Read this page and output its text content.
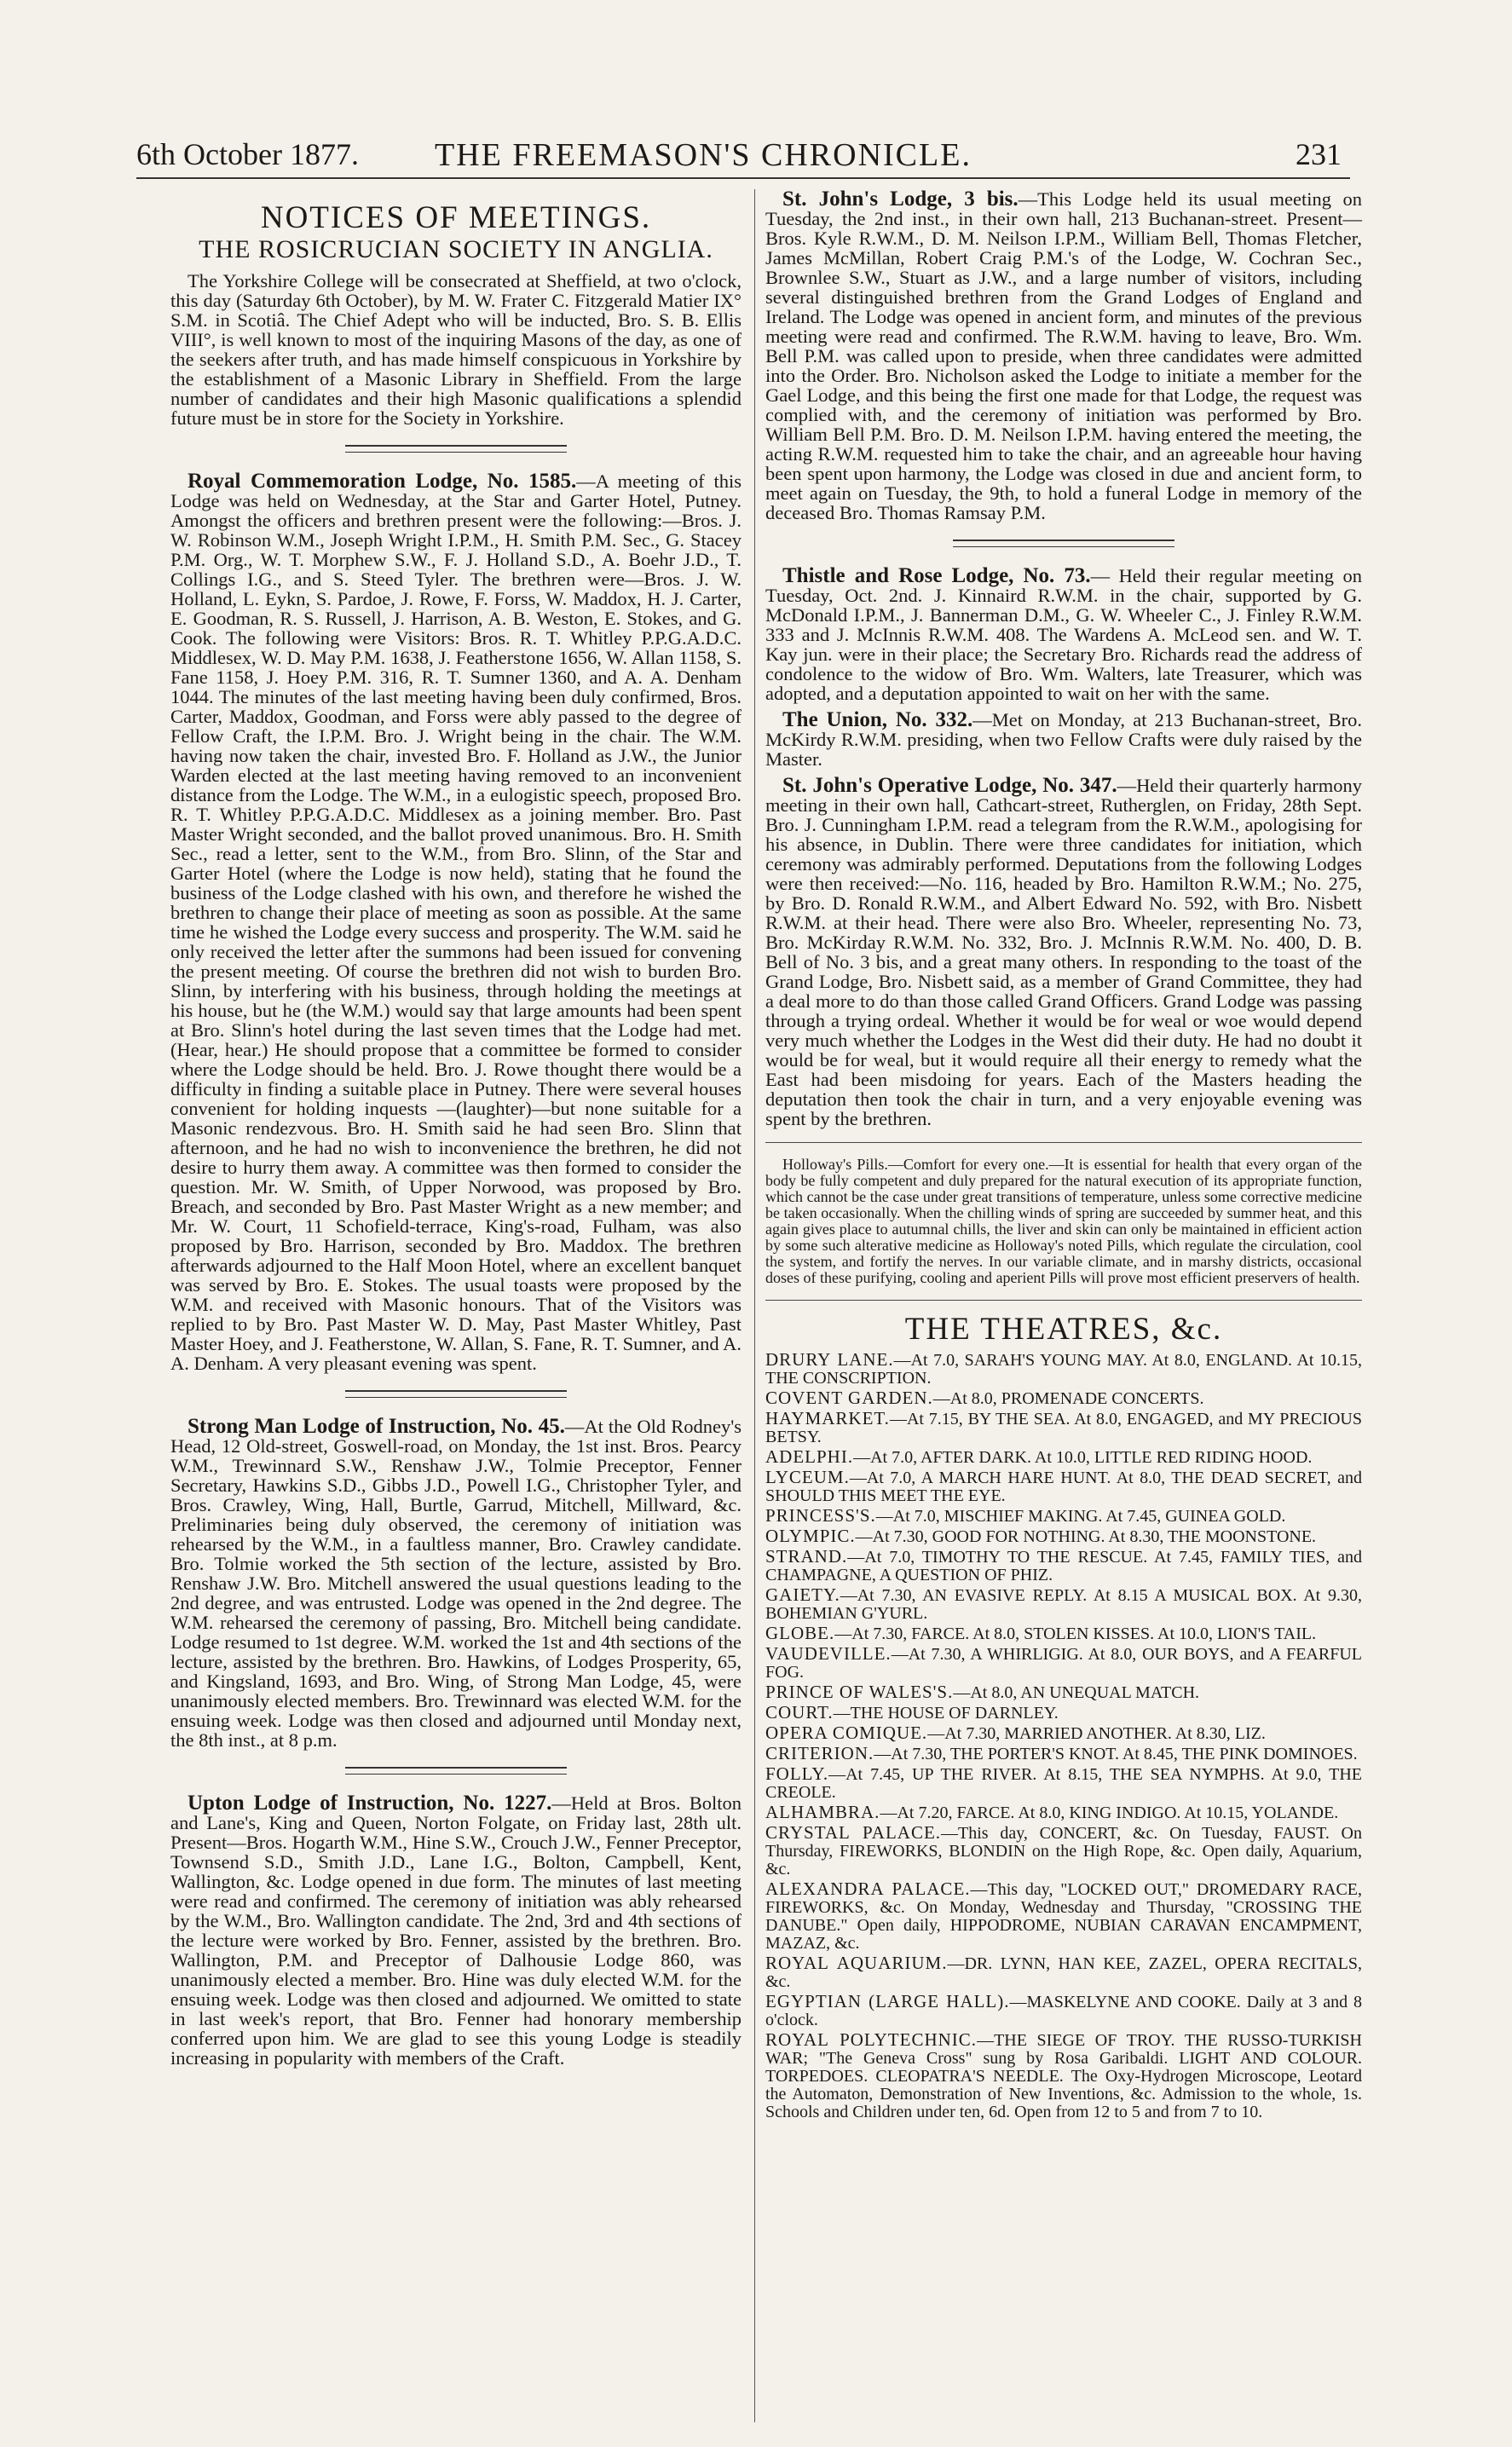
6th October 1877. THE FREEMASON'S CHRONICLE.	231
NOTICES OF MEETINGS.
THE ROSICRUCIAN SOCIETY IN ANGLIA.

The Yorkshire College will be consecrated at Sheffield, at two o'clock, this day (Saturday 6th October), by M. W. Frater C. Fitzgerald Matier IX° S.M. in Scotiâ. The Chief Adept who will be inducted, Bro. S. B. Ellis VIII°, is well known to most of the inquiring Masons of the day, as one of the seekers after truth, and has made himself conspicuous in Yorkshire by the establishment of a Masonic Library in Sheffield. From the large number of candidates and their high Masonic qualifications a splendid future must be in store for the Society in Yorkshire.

Royal Commemoration Lodge, No. 1585.—A meeting of this Lodge was held on Wednesday, at the Star and Garter Hotel, Putney. Amongst the officers and brethren present were the following:—Bros. J. W. Robinson W.M., Joseph Wright I.P.M., H. Smith P.M. Sec., G. Stacey P.M. Org., W. T. Morphew S.W., F. J. Holland S.D., A. Boehr J.D., T. Collings I.G., and S. Steed Tyler. The brethren were—Bros. J. W. Holland, L. Eykn, S. Pardoe, J. Rowe, F. Forss, W. Maddox, H. J. Carter, E. Goodman, R. S. Russell, J. Harrison, A. B. Weston, E. Stokes, and G. Cook. The following were Visitors: Bros. R. T. Whitley P.P.G.A.D.C. Middlesex, W. D. May P.M. 1638, J. Featherstone 1656, W. Allan 1158, S. Fane 1158, J. Hoey P.M. 316, R. T. Sumner 1360, and A. A. Denham 1044. The minutes of the last meeting having been duly confirmed, Bros. Carter, Maddox, Goodman, and Forss were ably passed to the degree of Fellow Craft, the I.P.M. Bro. J. Wright being in the chair. The W.M. having now taken the chair, invested Bro. F. Holland as J.W., the Junior Warden elected at the last meeting having removed to an inconvenient distance from the Lodge. The W.M., in a eulogistic speech, proposed Bro. R. T. Whitley P.P.G.A.D.C. Middlesex as a joining member. Bro. Past Master Wright seconded, and the ballot proved unanimous. Bro. H. Smith Sec., read a letter, sent to the W.M., from Bro. Slinn, of the Star and Garter Hotel (where the Lodge is now held), stating that he found the business of the Lodge clashed with his own, and therefore he wished the brethren to change their place of meeting as soon as possible. At the same time he wished the Lodge every success and prosperity. The W.M. said he only received the letter after the summons had been issued for convening the present meeting. Of course the brethren did not wish to burden Bro. Slinn, by interfering with his business, through holding the meetings at his house, but he (the W.M.) would say that large amounts had been spent at Bro. Slinn's hotel during the last seven times that the Lodge had met. (Hear, hear.) He should propose that a committee be formed to consider where the Lodge should be held. Bro. J. Rowe thought there would be a difficulty in finding a suitable place in Putney. There were several houses convenient for holding inquests —(laughter)—but none suitable for a Masonic rendezvous. Bro. H. Smith said he had seen Bro. Slinn that afternoon, and he had no wish to inconvenience the brethren, he did not desire to hurry them away. A committee was then formed to consider the question. Mr. W. Smith, of Upper Norwood, was proposed by Bro. Breach, and seconded by Bro. Past Master Wright as a new member; and Mr. W. Court, 11 Schofield-terrace, King's-road, Fulham, was also proposed by Bro. Harrison, seconded by Bro. Maddox. The brethren afterwards adjourned to the Half Moon Hotel, where an excellent banquet was served by Bro. E. Stokes. The usual toasts were proposed by the W.M. and received with Masonic honours. That of the Visitors was replied to by Bro. Past Master W. D. May, Past Master Whitley, Past Master Hoey, and J. Featherstone, W. Allan, S. Fane, R. T. Sumner, and A. A. Denham. A very pleasant evening was spent.

Strong Man Lodge of Instruction, No. 45.—At the Old Rodney's Head, 12 Old-street, Goswell-road, on Monday, the 1st inst. Bros. Pearcy W.M., Trewinnard S.W., Renshaw J.W., Tolmie Preceptor, Fenner Secretary, Hawkins S.D., Gibbs J.D., Powell I.G., Christopher Tyler, and Bros. Crawley, Wing, Hall, Burtle, Garrud, Mitchell, Millward, &c. Preliminaries being duly observed, the ceremony of initiation was rehearsed by the W.M., in a faultless manner, Bro. Crawley candidate. Bro. Tolmie worked the 5th section of the lecture, assisted by Bro. Renshaw J.W. Bro. Mitchell answered the usual questions leading to the 2nd degree, and was entrusted. Lodge was opened in the 2nd degree. The W.M. rehearsed the ceremony of passing, Bro. Mitchell being candidate. Lodge resumed to 1st degree. W.M. worked the 1st and 4th sections of the lecture, assisted by the brethren. Bro. Hawkins, of Lodges Prosperity, 65, and Kingsland, 1693, and Bro. Wing, of Strong Man Lodge, 45, were unanimously elected members. Bro. Trewinnard was elected W.M. for the ensuing week. Lodge was then closed and adjourned until Monday next, the 8th inst., at 8 p.m.

Upton Lodge of Instruction, No. 1227.—Held at Bros. Bolton and Lane's, King and Queen, Norton Folgate, on Friday last, 28th ult. Present—Bros. Hogarth W.M., Hine S.W., Crouch J.W., Fenner Preceptor, Townsend S.D., Smith J.D., Lane I.G., Bolton, Campbell, Kent, Wallington, &c. Lodge opened in due form. The minutes of last meeting were read and confirmed. The ceremony of initiation was ably rehearsed by the W.M., Bro. Wallington candidate. The 2nd, 3rd and 4th sections of the lecture were worked by Bro. Fenner, assisted by the brethren. Bro. Wallington, P.M. and Preceptor of Dalhousie Lodge 860, was unanimously elected a member. Bro. Hine was duly elected W.M. for the ensuing week. Lodge was then closed and adjourned. We omitted to state in last week's report, that Bro. Fenner had honorary membership conferred upon him. We are glad to see this young Lodge is steadily increasing in popularity with members of the Craft.

St. John's Lodge, 3 bis.—This Lodge held its usual meeting on Tuesday, the 2nd inst., in their own hall, 213 Buchanan-street. Present—Bros. Kyle R.W.M., D. M. Neilson I.P.M., William Bell, Thomas Fletcher, James McMillan, Robert Craig P.M.'s of the Lodge, W. Cochran Sec., Brownlee S.W., Stuart as J.W., and a large number of visitors, including several distinguished brethren from the Grand Lodges of England and Ireland. The Lodge was opened in ancient form, and minutes of the previous meeting were read and confirmed. The R.W.M. having to leave, Bro. Wm. Bell P.M. was called upon to preside, when three candidates were admitted into the Order. Bro. Nicholson asked the Lodge to initiate a member for the Gael Lodge, and this being the first one made for that Lodge, the request was complied with, and the ceremony of initiation was performed by Bro. William Bell P.M. Bro. D. M. Neilson I.P.M. having entered the meeting, the acting R.W.M. requested him to take the chair, and an agreeable hour having been spent upon harmony, the Lodge was closed in due and ancient form, to meet again on Tuesday, the 9th, to hold a funeral Lodge in memory of the deceased Bro. Thomas Ramsay P.M.

Thistle and Rose Lodge, No. 73.— Held their regular meeting on Tuesday, Oct. 2nd. J. Kinnaird R.W.M. in the chair, supported by G. McDonald I.P.M., J. Bannerman D.M., G. W. Wheeler C., J. Finley R.W.M. 333 and J. McInnis R.W.M. 408. The Wardens A. McLeod sen. and W. T. Kay jun. were in their place; the Secretary Bro. Richards read the address of condolence to the widow of Bro. Wm. Walters, late Treasurer, which was adopted, and a deputation appointed to wait on her with the same.

The Union, No. 332.—Met on Monday, at 213 Buchanan-street, Bro. McKirdy R.W.M. presiding, when two Fellow Crafts were duly raised by the Master.

St. John's Operative Lodge, No. 347.—Held their quarterly harmony meeting in their own hall, Cathcart-street, Rutherglen, on Friday, 28th Sept. Bro. J. Cunningham I.P.M. read a telegram from the R.W.M., apologising for his absence, in Dublin. There were three candidates for initiation, which ceremony was admirably performed. Deputations from the following Lodges were then received:—No. 116, headed by Bro. Hamilton R.W.M.; No. 275, by Bro. D. Ronald R.W.M., and Albert Edward No. 592, with Bro. Nisbett R.W.M. at their head. There were also Bro. Wheeler, representing No. 73, Bro. McKirday R.W.M. No. 332, Bro. J. McInnis R.W.M. No. 400, D. B. Bell of No. 3 bis, and a great many others. In responding to the toast of the Grand Lodge, Bro. Nisbett said, as a member of Grand Committee, they had a deal more to do than those called Grand Officers. Grand Lodge was passing through a trying ordeal. Whether it would be for weal or woe would depend very much whether the Lodges in the West did their duty. He had no doubt it would be for weal, but it would require all their energy to remedy what the East had been misdoing for years. Each of the Masters heading the deputation then took the chair in turn, and a very enjoyable evening was spent by the brethren.

Holloway's Pills.—Comfort for every one.—It is essential for health that every organ of the body be fully competent and duly prepared for the natural execution of its appropriate function, which cannot be the case under great transitions of temperature, unless some corrective medicine be taken occasionally. When the chilling winds of spring are succeeded by summer heat, and this again gives place to autumnal chills, the liver and skin can only be maintained in efficient action by some such alterative medicine as Holloway's noted Pills, which regulate the circulation, cool the system, and fortify the nerves. In our variable climate, and in marshy districts, occasional doses of these purifying, cooling and aperient Pills will prove most efficient preservers of health.

THE THEATRES, &c.

DRURY LANE.—At 7.0, SARAH'S YOUNG MAY. At 8.0, ENGLAND. At 10.15, THE CONSCRIPTION.

COVENT GARDEN.—At 8.0, PROMENADE CONCERTS.

HAYMARKET.—At 7.15, BY THE SEA. At 8.0, ENGAGED, and MY PRECIOUS BETSY.

ADELPHI.—At 7.0, AFTER DARK. At 10.0, LITTLE RED RIDING HOOD.

LYCEUM.—At 7.0, A MARCH HARE HUNT. At 8.0, THE DEAD SECRET, and SHOULD THIS MEET THE EYE.

PRINCESS'S.—At 7.0, MISCHIEF MAKING. At 7.45, GUINEA GOLD.

OLYMPIC.—At 7.30, GOOD FOR NOTHING. At 8.30, THE MOONSTONE.

STRAND.—At 7.0, TIMOTHY TO THE RESCUE. At 7.45, FAMILY TIES, and CHAMPAGNE, A QUESTION OF PHIZ.

GAIETY.—At 7.30, AN EVASIVE REPLY. At 8.15 A MUSICAL BOX. At 9.30, BOHEMIAN G'YURL.

GLOBE.—At 7.30, FARCE. At 8.0, STOLEN KISSES. At 10.0, LION'S TAIL.

VAUDEVILLE.—At 7.30, A WHIRLIGIG. At 8.0, OUR BOYS, and A FEARFUL FOG.

PRINCE OF WALES'S.—At 8.0, AN UNEQUAL MATCH.

COURT.—THE HOUSE OF DARNLEY.

OPERA COMIQUE.—At 7.30, MARRIED ANOTHER. At 8.30, LIZ.

CRITERION.—At 7.30, THE PORTER'S KNOT. At 8.45, THE PINK DOMINOES.

FOLLY.—At 7.45, UP THE RIVER. At 8.15, THE SEA NYMPHS. At 9.0, THE CREOLE.

ALHAMBRA.—At 7.20, FARCE. At 8.0, KING INDIGO. At 10.15, YOLANDE.

CRYSTAL PALACE.—This day, CONCERT, &c. On Tuesday, FAUST. On Thursday, FIREWORKS, BLONDIN on the High Rope, &c. Open daily, Aquarium, &c.

ALEXANDRA PALACE.—This day, "LOCKED OUT," DROMEDARY RACE, FIREWORKS, &c. On Monday, Wednesday and Thursday, "CROSSING THE DANUBE." Open daily, HIPPODROME, NUBIAN CARAVAN ENCAMPMENT, MAZAZ, &c.

ROYAL AQUARIUM.—DR. LYNN, HAN KEE, ZAZEL, OPERA RECITALS, &c.

EGYPTIAN (LARGE HALL).—MASKELYNE AND COOKE. Daily at 3 and 8 o'clock.

ROYAL POLYTECHNIC.—THE SIEGE OF TROY. THE RUSSO-TURKISH WAR; "The Geneva Cross" sung by Rosa Garibaldi. LIGHT AND COLOUR. TORPEDOES. CLEOPATRA'S NEEDLE. The Oxy-Hydrogen Microscope, Leotard the Automaton, Demonstration of New Inventions, &c. Admission to the whole, 1s. Schools and Children under ten, 6d. Open from 12 to 5 and from 7 to 10.
